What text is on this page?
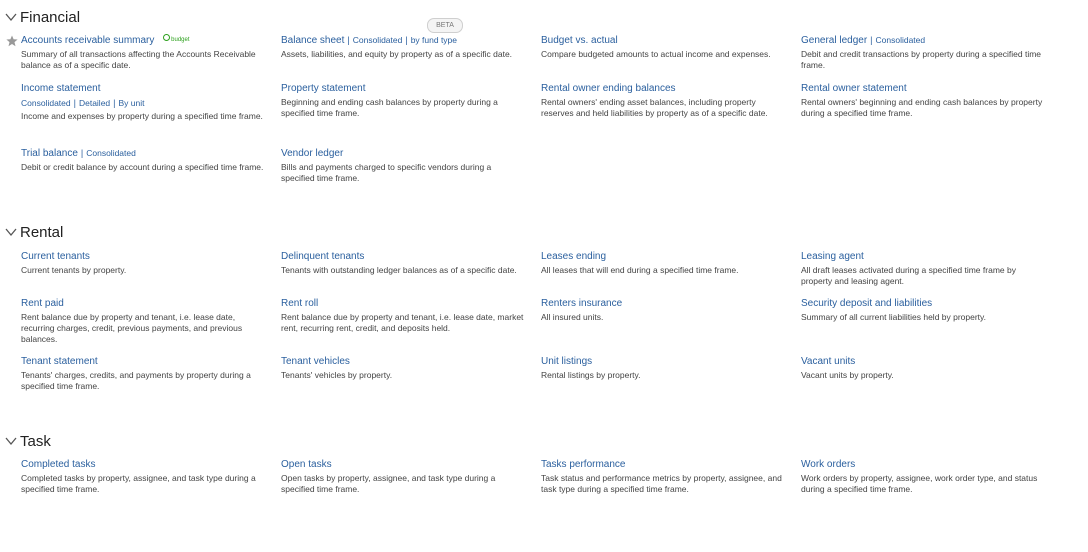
BETA
Financial
Accounts receivable summary	$^{budget}$
Summary of all transactions affecting the Accounts Receivable balance as of a specific date.
Balance sheet | Consolidated | by fund type
Assets, liabilities, and equity by property as of a specific date.
Budget vs. actual
Compare budgeted amounts to actual income and expenses.
General ledger | Consolidated
Debit and credit transactions by property during a specified time frame.
Income statement
Consolidated | Detailed | By unit
Income and expenses by property during a specified time frame.
Property statement
Beginning and ending cash balances by property during a specified time frame.
Rental owner ending balances
Rental owners' ending asset balances, including property reserves and held liabilities by property as of a specific date.
Rental owner statement
Rental owners' beginning and ending cash balances by property during a specified time frame.
Trial balance | Consolidated
Debit or credit balance by account during a specified time frame.
Vendor ledger
Bills and payments charged to specific vendors during a specified time frame.
Rental
Current tenants
Current tenants by property.
Delinquent tenants
Tenants with outstanding ledger balances as of a specific date.
Leases ending
All leases that will end during a specified time frame.
Leasing agent
All draft leases activated during a specified time frame by property and leasing agent.
Rent paid
Rent balance due by property and tenant, i.e. lease date, recurring charges, credit, previous payments, and previous balances.
Rent roll
Rent balance due by property and tenant, i.e. lease date, market rent, recurring rent, credit, and deposits held.
Renters insurance
All insured units.
Security deposit and liabilities
Summary of all current liabilities held by property.
Tenant statement
Tenants' charges, credits, and payments by property during a specified time frame.
Tenant vehicles
Tenants' vehicles by property.
Unit listings
Rental listings by property.
Vacant units
Vacant units by property.
Task
Completed tasks
Completed tasks by property, assignee, and task type during a specified time frame.
Open tasks
Open tasks by property, assignee, and task type during a specified time frame.
Tasks performance
Task status and performance metrics by property, assignee, and task type during a specified time frame.
Work orders
Work orders by property, assignee, work order type, and status during a specified time frame.
